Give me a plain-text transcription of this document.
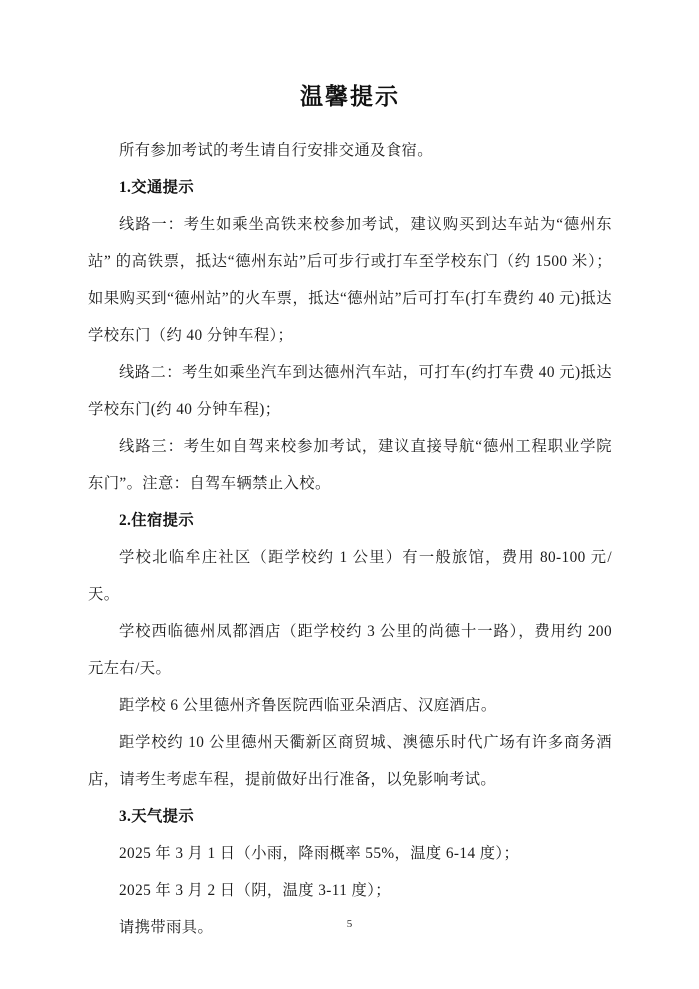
温馨提示

所有参加考试的考生请自行安排交通及食宿。

1.交通提示

线路一：考生如乘坐高铁来校参加考试，建议购买到达车站为“德州东站” 的高铁票，抵达“德州东站”后可步行或打车至学校东门（约 1500 米）；如果购买到“德州站”的火车票，抵达“德州站”后可打车(打车费约 40 元)抵达学校东门（约 40 分钟车程）；

线路二：考生如乘坐汽车到达德州汽车站，可打车(约打车费 40 元)抵达学校东门(约 40 分钟车程)；

线路三：考生如自驾来校参加考试，建议直接导航“德州工程职业学院东门”。注意：自驾车辆禁止入校。

2.住宿提示

学校北临牟庄社区（距学校约 1 公里）有一般旅馆，费用 80-100 元/天。

学校西临德州凤都酒店（距学校约 3 公里的尚德十一路），费用约 200 元左右/天。

距学校 6 公里德州齐鲁医院西临亚朵酒店、汉庭酒店。

距学校约 10 公里德州天衢新区商贸城、澳德乐时代广场有许多商务酒店，请考生考虑车程，提前做好出行准备，以免影响考试。

3.天气提示

2025 年 3 月 1 日（小雨，降雨概率 55%，温度 6-14 度）；

2025 年 3 月 2 日（阴，温度 3-11 度）；

请携带雨具。	5
